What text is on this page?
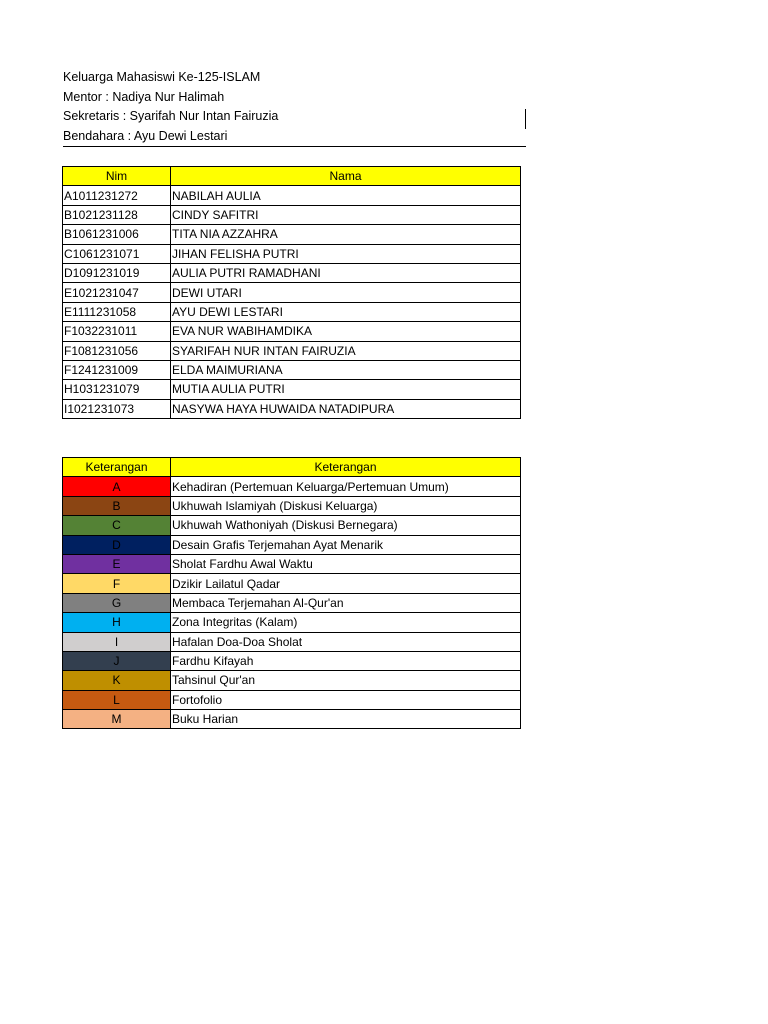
Keluarga Mahasiswi Ke-125-ISLAM
Mentor : Nadiya Nur Halimah
Sekretaris : Syarifah Nur Intan Fairuzia
Bendahara : Ayu Dewi Lestari
Nim	Nama
A1011231272	NABILAH AULIA
B1021231128	CINDY SAFITRI
B1061231006	TITA NIA AZZAHRA
C1061231071	JIHAN FELISHA PUTRI
D1091231019	AULIA PUTRI RAMADHANI
E1021231047	DEWI UTARI
E1111231058	AYU DEWI LESTARI
F1032231011	EVA NUR WABIHAMDIKA
F1081231056	SYARIFAH NUR INTAN FAIRUZIA
F1241231009	ELDA MAIMURIANA
H1031231079	MUTIA AULIA PUTRI
I1021231073	NASYWA HAYA HUWAIDA NATADIPURA
Keterangan	Keterangan
A	Kehadiran (Pertemuan Keluarga/Pertemuan Umum)
B	Ukhuwah Islamiyah (Diskusi Keluarga)
C	Ukhuwah Wathoniyah (Diskusi Bernegara)
D	Desain Grafis Terjemahan Ayat Menarik
E	Sholat Fardhu Awal Waktu
F	Dzikir Lailatul Qadar
G	Membaca Terjemahan Al-Qur'an
H	Zona Integritas (Kalam)
I	Hafalan Doa-Doa Sholat
J	Fardhu Kifayah
K	Tahsinul Qur'an
L	Fortofolio
M	Buku Harian
